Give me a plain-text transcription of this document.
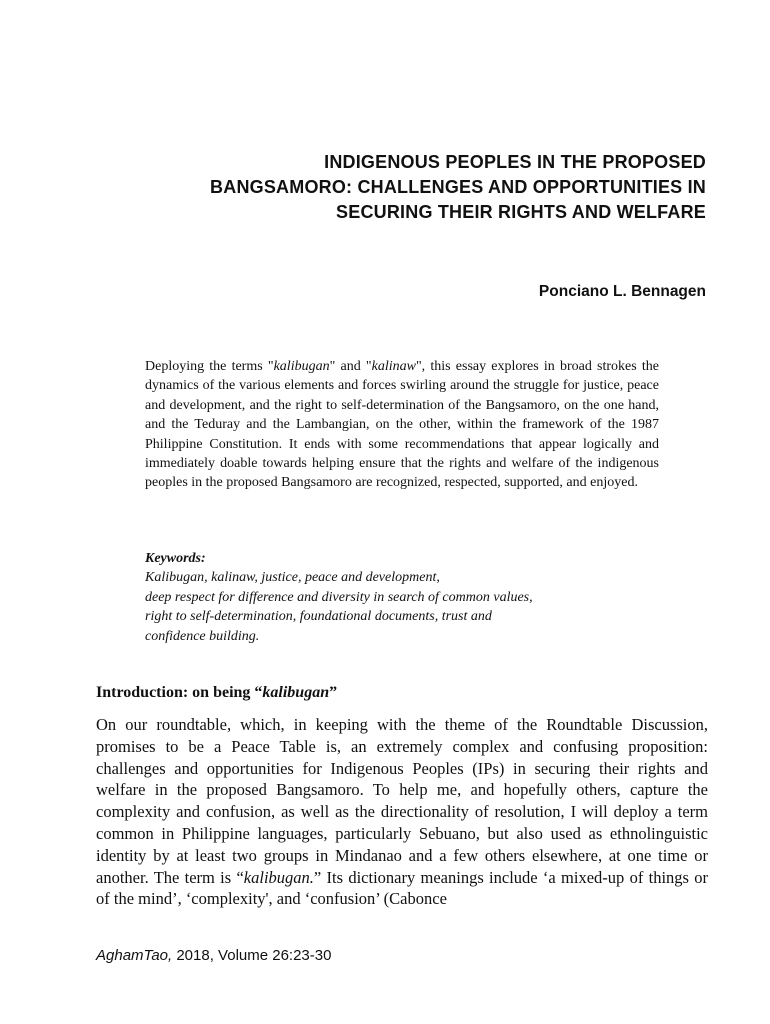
INDIGENOUS PEOPLES IN THE PROPOSED
BANGSAMORO: CHALLENGES AND OPPORTUNITIES IN
SECURING THEIR RIGHTS AND WELFARE
Ponciano L. Bennagen
Deploying the terms "kalibugan" and "kalinaw", this essay explores in broad strokes the dynamics of the various elements and forces swirling around the struggle for justice, peace and development, and the right to self-determination of the Bangsamoro, on the one hand, and the Teduray and the Lambangian, on the other, within the framework of the 1987 Philippine Constitution. It ends with some recommendations that appear logically and immediately doable towards helping ensure that the rights and welfare of the indigenous peoples in the proposed Bangsamoro are recognized, respected, supported, and enjoyed.
Keywords:
Kalibugan, kalinaw, justice, peace and development,
deep respect for difference and diversity in search of common values,
right to self-determination, foundational documents, trust and
confidence building.
Introduction: on being “kalibugan”
On our roundtable, which, in keeping with the theme of the Roundtable Discussion, promises to be a Peace Table is, an extremely complex and confusing proposition: challenges and opportunities for Indigenous Peoples (IPs) in securing their rights and welfare in the proposed Bangsamoro. To help me, and hopefully others, capture the complexity and confusion, as well as the directionality of resolution, I will deploy a term common in Philippine languages, particularly Sebuano, but also used as ethnolinguistic identity by at least two groups in Mindanao and a few others elsewhere, at one time or another. The term is “kalibugan.” Its dictionary meanings include ‘a mixed-up of things or of the mind’, ‘complexity', and ‘confusion’ (Cabonce
AghamTao, 2018, Volume 26:23-30
